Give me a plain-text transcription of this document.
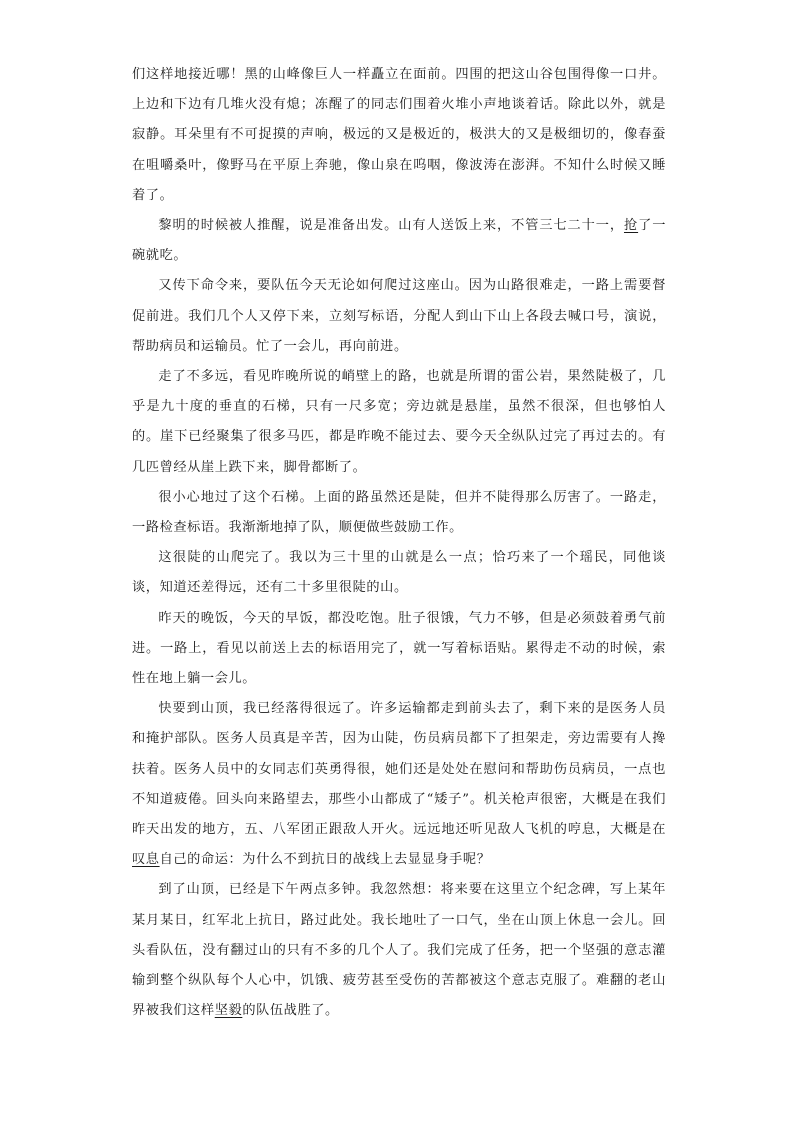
们这样地接近哪！黑的山峰像巨人一样矗立在面前。四围的把这山谷包围得像一口井。上边和下边有几堆火没有熄；冻醒了的同志们围着火堆小声地谈着话。除此以外，就是寂静。耳朵里有不可捉摸的声响，极远的又是极近的，极洪大的又是极细切的，像春蚕在咀嚼桑叶，像野马在平原上奔驰，像山泉在呜咽，像波涛在澎湃。不知什么时候又睡着了。

黎明的时候被人推醒，说是准备出发。山有人送饭上来，不管三七二十一，抢了一碗就吃。

又传下命令来，要队伍今天无论如何爬过这座山。因为山路很难走，一路上需要督促前进。我们几个人又停下来，立刻写标语，分配人到山下山上各段去喊口号，演说，帮助病员和运输员。忙了一会儿，再向前进。

走了不多远，看见昨晚所说的峭壁上的路，也就是所谓的雷公岩，果然陡极了，几乎是九十度的垂直的石梯，只有一尺多宽；旁边就是悬崖，虽然不很深，但也够怕人的。崖下已经聚集了很多马匹，都是昨晚不能过去、要今天全纵队过完了再过去的。有几匹曾经从崖上跌下来，脚骨都断了。

很小心地过了这个石梯。上面的路虽然还是陡，但并不陡得那么厉害了。一路走，一路检查标语。我渐渐地掉了队，顺便做些鼓励工作。

这很陡的山爬完了。我以为三十里的山就是么一点；恰巧来了一个瑶民，同他谈谈，知道还差得远，还有二十多里很陡的山。

昨天的晚饭，今天的早饭，都没吃饱。肚子很饿，气力不够，但是必须鼓着勇气前进。一路上，看见以前送上去的标语用完了，就一写着标语贴。累得走不动的时候，索性在地上躺一会儿。

快要到山顶，我已经落得很远了。许多运输都走到前头去了，剩下来的是医务人员和掩护部队。医务人员真是辛苦，因为山陡，伤员病员都下了担架走，旁边需要有人搀扶着。医务人员中的女同志们英勇得很，她们还是处处在慰问和帮助伤员病员，一点也不知道疲倦。回头向来路望去，那些小山都成了“矮子”。机关枪声很密，大概是在我们昨天出发的地方，五、八军团正跟敌人开火。远远地还听见敌人飞机的哼息，大概是在叹息自己的命运：为什么不到抗日的战线上去显显身手呢？

到了山顶，已经是下午两点多钟。我忽然想：将来要在这里立个纪念碑，写上某年某月某日，红军北上抗日，路过此处。我长地吐了一口气，坐在山顶上休息一会儿。回头看队伍，没有翻过山的只有不多的几个人了。我们完成了任务，把一个坚强的意志灌输到整个纵队每个人心中，饥饿、疲劳甚至受伤的苦都被这个意志克服了。难翻的老山界被我们这样坚毅的队伍战胜了。
